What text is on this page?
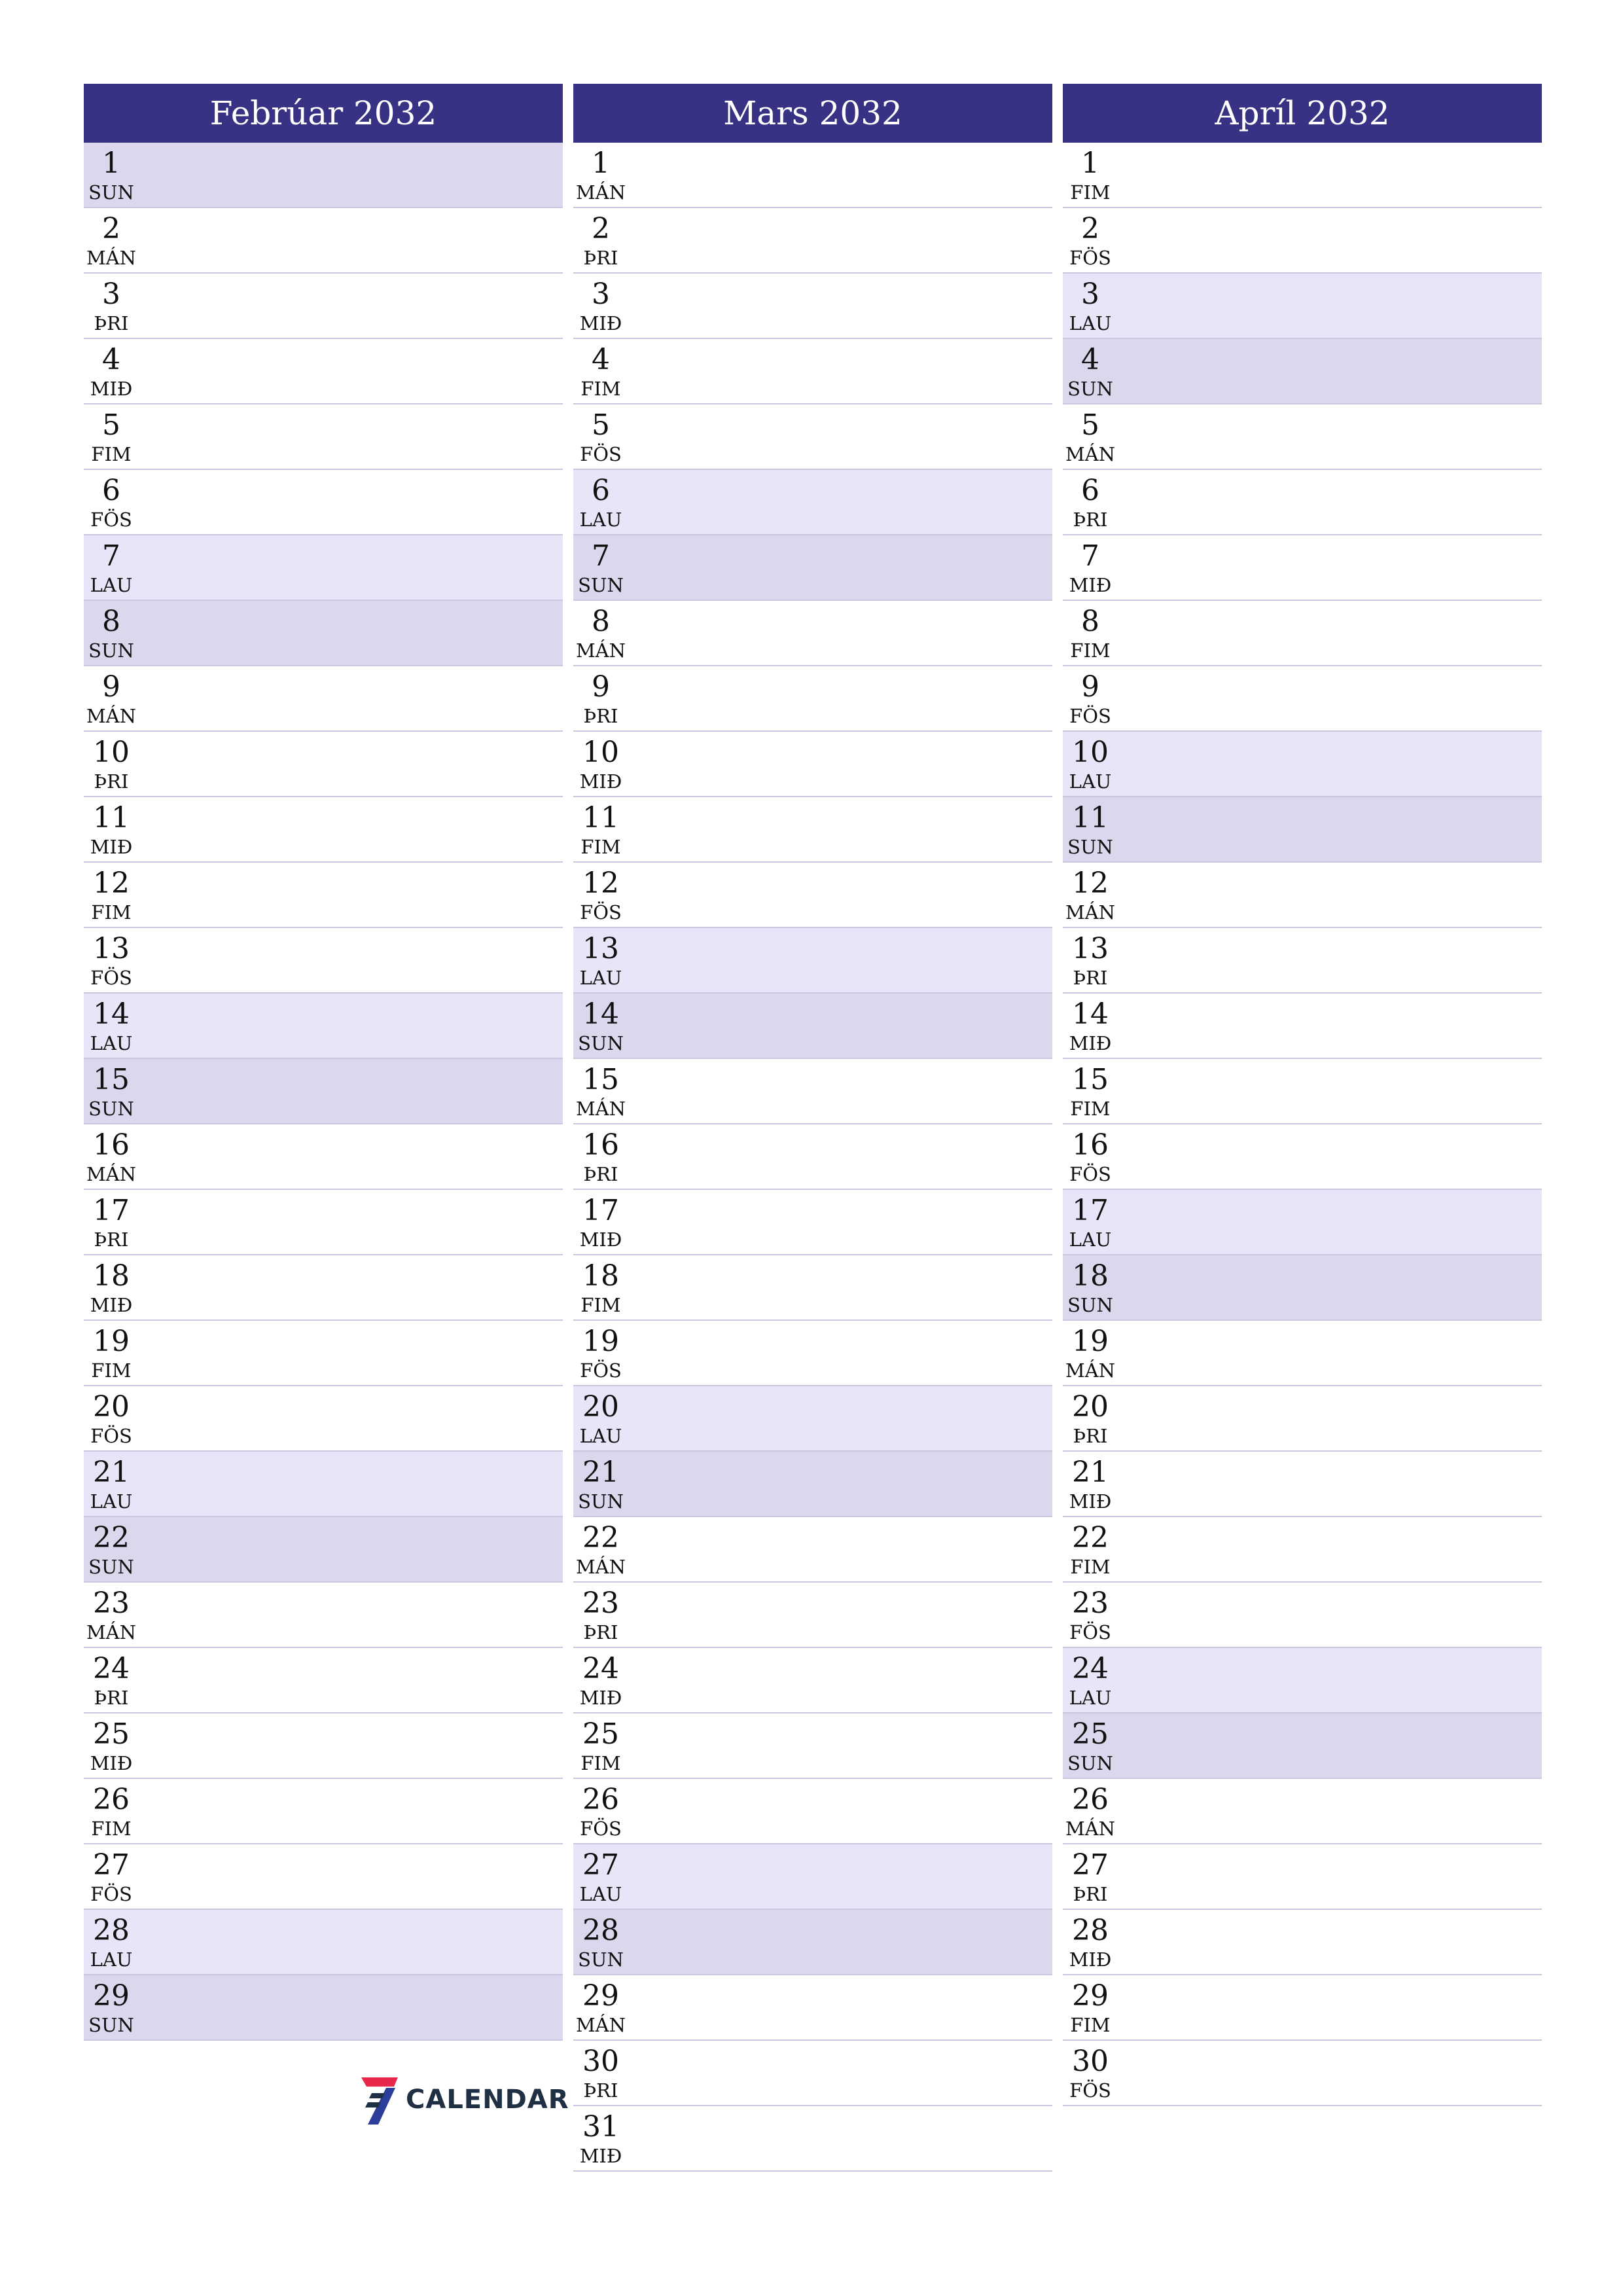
Febrúar 2032
1
SUN
2
MÁN
3
ÞRI
4
MIÐ
5
FIM
6
FÖS
7
LAU
8
SUN
9
MÁN
10
ÞRI
11
MIÐ
12
FIM
13
FÖS
14
LAU
15
SUN
16
MÁN
17
ÞRI
18
MIÐ
19
FIM
20
FÖS
21
LAU
22
SUN
23
MÁN
24
ÞRI
25
MIÐ
26
FIM
27
FÖS
28
LAU
29
SUN
Mars 2032
1
MÁN
2
ÞRI
3
MIÐ
4
FIM
5
FÖS
6
LAU
7
SUN
8
MÁN
9
ÞRI
10
MIÐ
11
FIM
12
FÖS
13
LAU
14
SUN
15
MÁN
16
ÞRI
17
MIÐ
18
FIM
19
FÖS
20
LAU
21
SUN
22
MÁN
23
ÞRI
24
MIÐ
25
FIM
26
FÖS
27
LAU
28
SUN
29
MÁN
30
ÞRI
31
MIÐ
Apríl 2032
1
FIM
2
FÖS
3
LAU
4
SUN
5
MÁN
6
ÞRI
7
MIÐ
8
FIM
9
FÖS
10
LAU
11
SUN
12
MÁN
13
ÞRI
14
MIÐ
15
FIM
16
FÖS
17
LAU
18
SUN
19
MÁN
20
ÞRI
21
MIÐ
22
FIM
23
FÖS
24
LAU
25
SUN
26
MÁN
27
ÞRI
28
MIÐ
29
FIM
30
FÖS
CALENDAR
